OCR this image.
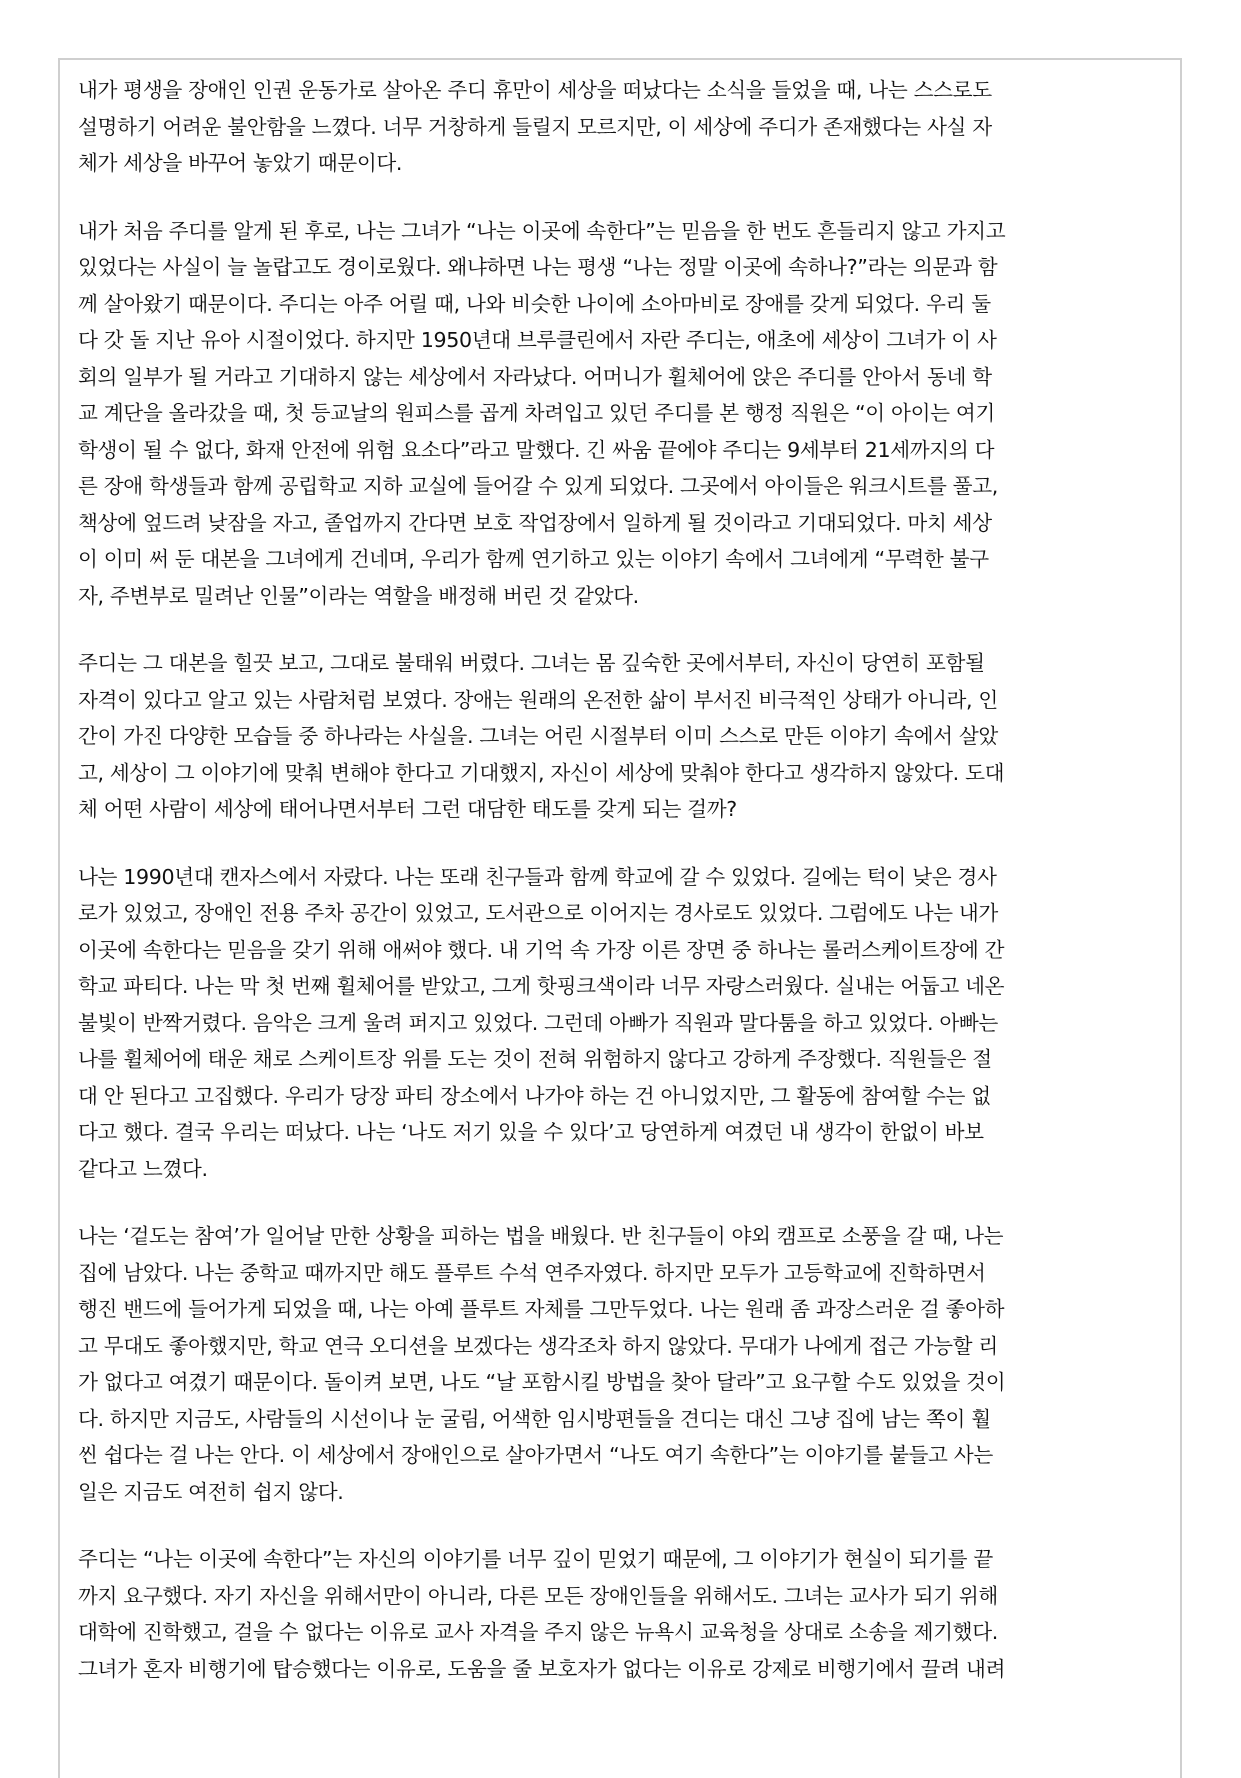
내가 평생을 장애인 인권 운동가로 살아온 주디 휴만이 세상을 떠났다는 소식을 들었을 때, 나는 스스로도
설명하기 어려운 불안함을 느꼈다. 너무 거창하게 들릴지 모르지만, 이 세상에 주디가 존재했다는 사실 자
체가 세상을 바꾸어 놓았기 때문이다.

내가 처음 주디를 알게 된 후로, 나는 그녀가 “나는 이곳에 속한다”는 믿음을 한 번도 흔들리지 않고 가지고
있었다는 사실이 늘 놀랍고도 경이로웠다. 왜냐하면 나는 평생 “나는 정말 이곳에 속하나?”라는 의문과 함
께 살아왔기 때문이다. 주디는 아주 어릴 때, 나와 비슷한 나이에 소아마비로 장애를 갖게 되었다. 우리 둘
다 갓 돌 지난 유아 시절이었다. 하지만 1950년대 브루클린에서 자란 주디는, 애초에 세상이 그녀가 이 사
회의 일부가 될 거라고 기대하지 않는 세상에서 자라났다. 어머니가 휠체어에 앉은 주디를 안아서 동네 학
교 계단을 올라갔을 때, 첫 등교날의 원피스를 곱게 차려입고 있던 주디를 본 행정 직원은 “이 아이는 여기
학생이 될 수 없다, 화재 안전에 위험 요소다”라고 말했다. 긴 싸움 끝에야 주디는 9세부터 21세까지의 다
른 장애 학생들과 함께 공립학교 지하 교실에 들어갈 수 있게 되었다. 그곳에서 아이들은 워크시트를 풀고,
책상에 엎드려 낮잠을 자고, 졸업까지 간다면 보호 작업장에서 일하게 될 것이라고 기대되었다. 마치 세상
이 이미 써 둔 대본을 그녀에게 건네며, 우리가 함께 연기하고 있는 이야기 속에서 그녀에게 “무력한 불구
자, 주변부로 밀려난 인물”이라는 역할을 배정해 버린 것 같았다.

주디는 그 대본을 힐끗 보고, 그대로 불태워 버렸다. 그녀는 몸 깊숙한 곳에서부터, 자신이 당연히 포함될
자격이 있다고 알고 있는 사람처럼 보였다. 장애는 원래의 온전한 삶이 부서진 비극적인 상태가 아니라, 인
간이 가진 다양한 모습들 중 하나라는 사실을. 그녀는 어린 시절부터 이미 스스로 만든 이야기 속에서 살았
고, 세상이 그 이야기에 맞춰 변해야 한다고 기대했지, 자신이 세상에 맞춰야 한다고 생각하지 않았다. 도대
체 어떤 사람이 세상에 태어나면서부터 그런 대담한 태도를 갖게 되는 걸까?

나는 1990년대 캔자스에서 자랐다. 나는 또래 친구들과 함께 학교에 갈 수 있었다. 길에는 턱이 낮은 경사
로가 있었고, 장애인 전용 주차 공간이 있었고, 도서관으로 이어지는 경사로도 있었다. 그럼에도 나는 내가
이곳에 속한다는 믿음을 갖기 위해 애써야 했다. 내 기억 속 가장 이른 장면 중 하나는 롤러스케이트장에 간
학교 파티다. 나는 막 첫 번째 휠체어를 받았고, 그게 핫핑크색이라 너무 자랑스러웠다. 실내는 어둡고 네온
불빛이 반짝거렸다. 음악은 크게 울려 퍼지고 있었다. 그런데 아빠가 직원과 말다툼을 하고 있었다. 아빠는
나를 휠체어에 태운 채로 스케이트장 위를 도는 것이 전혀 위험하지 않다고 강하게 주장했다. 직원들은 절
대 안 된다고 고집했다. 우리가 당장 파티 장소에서 나가야 하는 건 아니었지만, 그 활동에 참여할 수는 없
다고 했다. 결국 우리는 떠났다. 나는 ‘나도 저기 있을 수 있다’고 당연하게 여겼던 내 생각이 한없이 바보
같다고 느꼈다.

나는 ‘겉도는 참여’가 일어날 만한 상황을 피하는 법을 배웠다. 반 친구들이 야외 캠프로 소풍을 갈 때, 나는
집에 남았다. 나는 중학교 때까지만 해도 플루트 수석 연주자였다. 하지만 모두가 고등학교에 진학하면서
행진 밴드에 들어가게 되었을 때, 나는 아예 플루트 자체를 그만두었다. 나는 원래 좀 과장스러운 걸 좋아하
고 무대도 좋아했지만, 학교 연극 오디션을 보겠다는 생각조차 하지 않았다. 무대가 나에게 접근 가능할 리
가 없다고 여겼기 때문이다. 돌이켜 보면, 나도 “날 포함시킬 방법을 찾아 달라”고 요구할 수도 있었을 것이
다. 하지만 지금도, 사람들의 시선이나 눈 굴림, 어색한 임시방편들을 견디는 대신 그냥 집에 남는 쪽이 훨
씬 쉽다는 걸 나는 안다. 이 세상에서 장애인으로 살아가면서 “나도 여기 속한다”는 이야기를 붙들고 사는
일은 지금도 여전히 쉽지 않다.

주디는 “나는 이곳에 속한다”는 자신의 이야기를 너무 깊이 믿었기 때문에, 그 이야기가 현실이 되기를 끝
까지 요구했다. 자기 자신을 위해서만이 아니라, 다른 모든 장애인들을 위해서도. 그녀는 교사가 되기 위해
대학에 진학했고, 걸을 수 없다는 이유로 교사 자격을 주지 않은 뉴욕시 교육청을 상대로 소송을 제기했다.
그녀가 혼자 비행기에 탑승했다는 이유로, 도움을 줄 보호자가 없다는 이유로 강제로 비행기에서 끌려 내려
